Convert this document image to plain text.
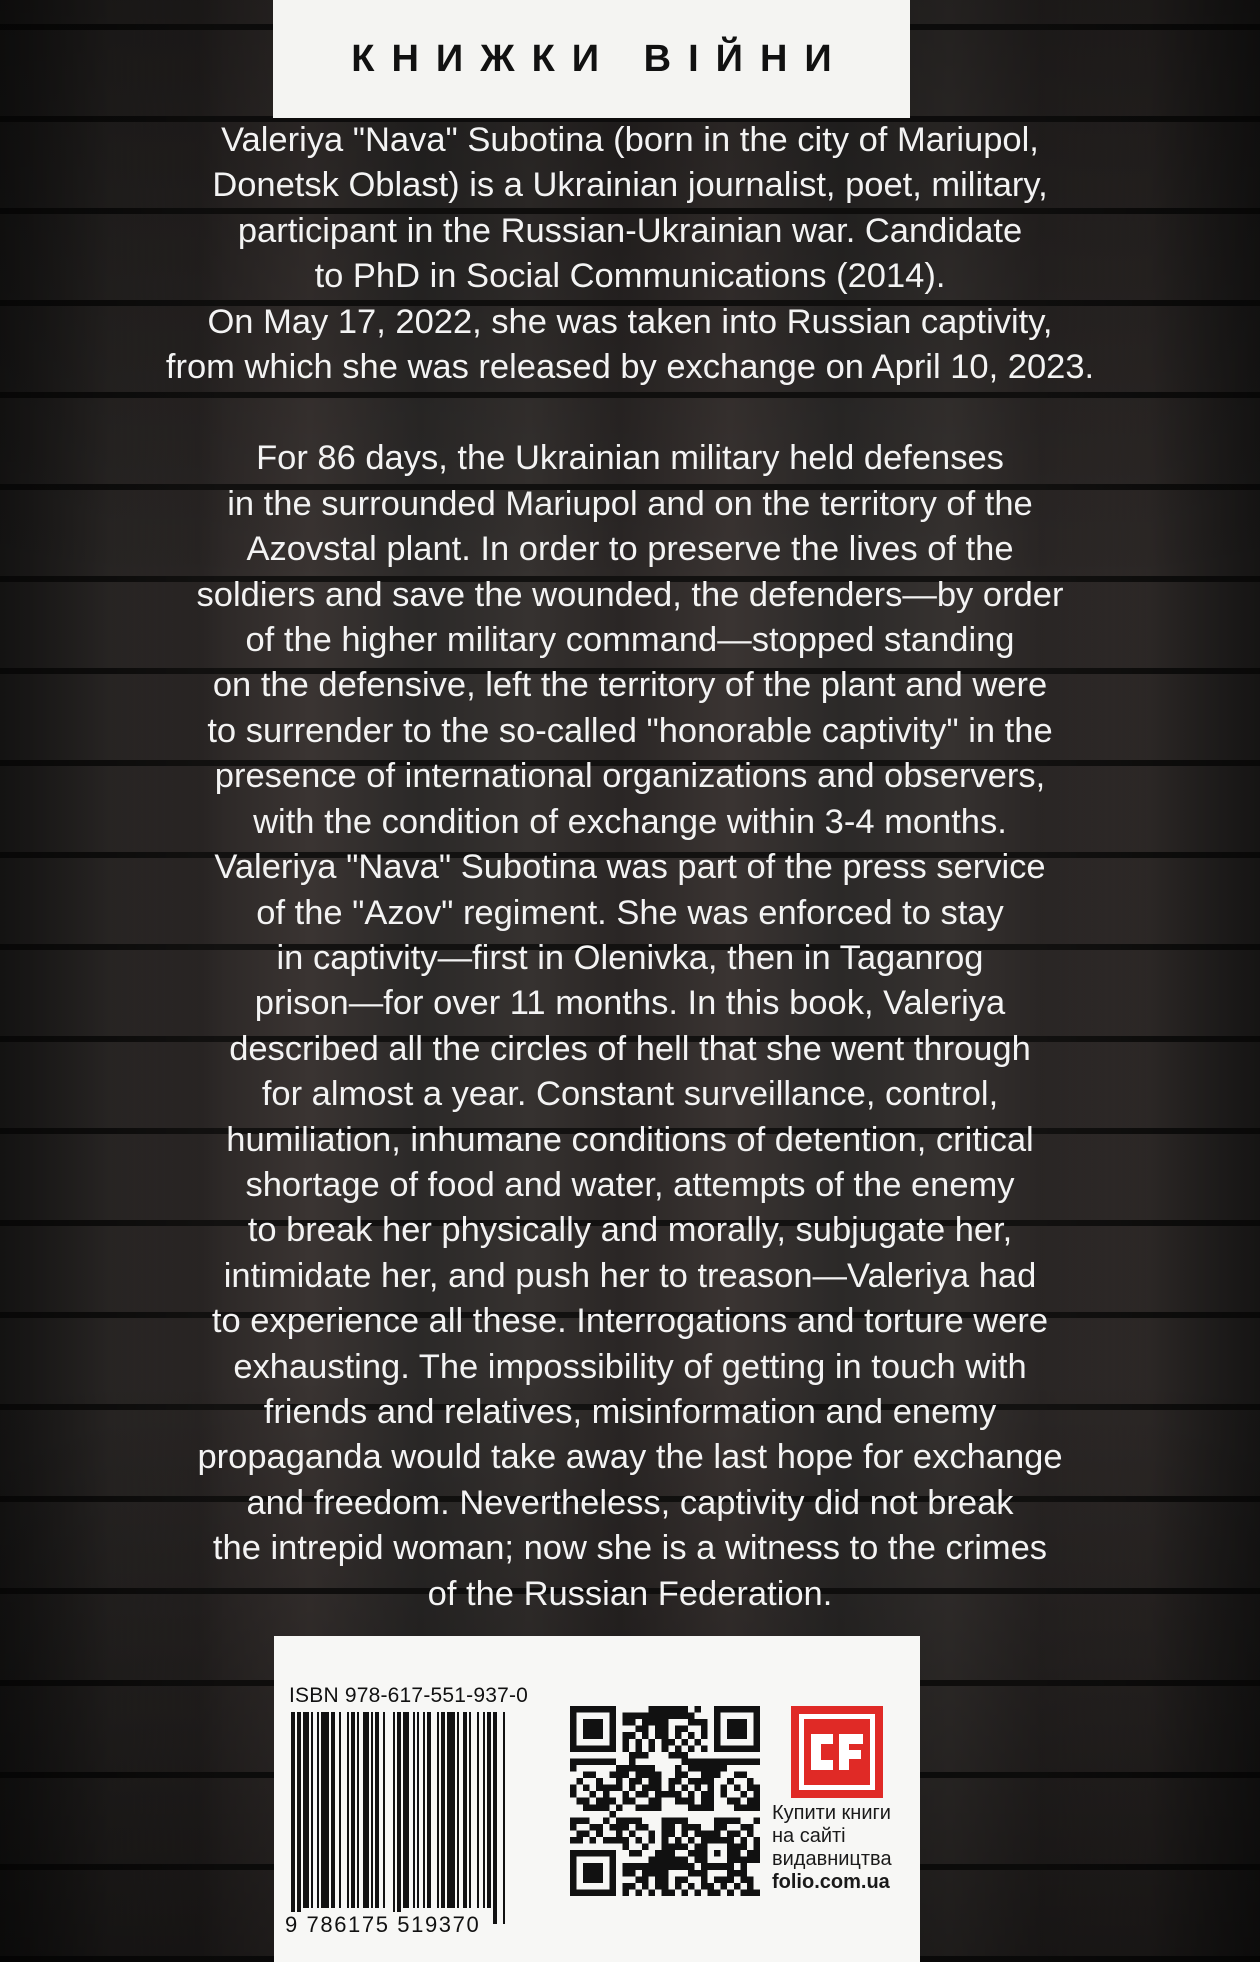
КНИЖКИ ВІЙНИ

Valeriya "Nava" Subotina (born in the city of Mariupol,
Donetsk Oblast) is a Ukrainian journalist, poet, military,
participant in the Russian-Ukrainian war. Candidate
to PhD in Social Communications (2014).
On May 17, 2022, she was taken into Russian captivity,
from which she was released by exchange on April 10, 2023.

For 86 days, the Ukrainian military held defenses
in the surrounded Mariupol and on the territory of the
Azovstal plant. In order to preserve the lives of the
soldiers and save the wounded, the defenders—by order
of the higher military command—stopped standing
on the defensive, left the territory of the plant and were
to surrender to the so-called "honorable captivity" in the
presence of international organizations and observers,
with the condition of exchange within 3-4 months.
Valeriya "Nava" Subotina was part of the press service
of the "Azov" regiment. She was enforced to stay
in captivity—first in Olenivka, then in Taganrog
prison—for over 11 months. In this book, Valeriya
described all the circles of hell that she went through
for almost a year. Constant surveillance, control,
humiliation, inhumane conditions of detention, critical
shortage of food and water, attempts of the enemy
to break her physically and morally, subjugate her,
intimidate her, and push her to treason—Valeriya had
to experience all these. Interrogations and torture were
exhausting. The impossibility of getting in touch with
friends and relatives, misinformation and enemy
propaganda would take away the last hope for exchange
and freedom. Nevertheless, captivity did not break
the intrepid woman; now she is a witness to the crimes
of the Russian Federation.

ISBN 978-617-551-937-0
9 786175 519370
Купити книги
на сайті
видавництва
folio.com.ua
